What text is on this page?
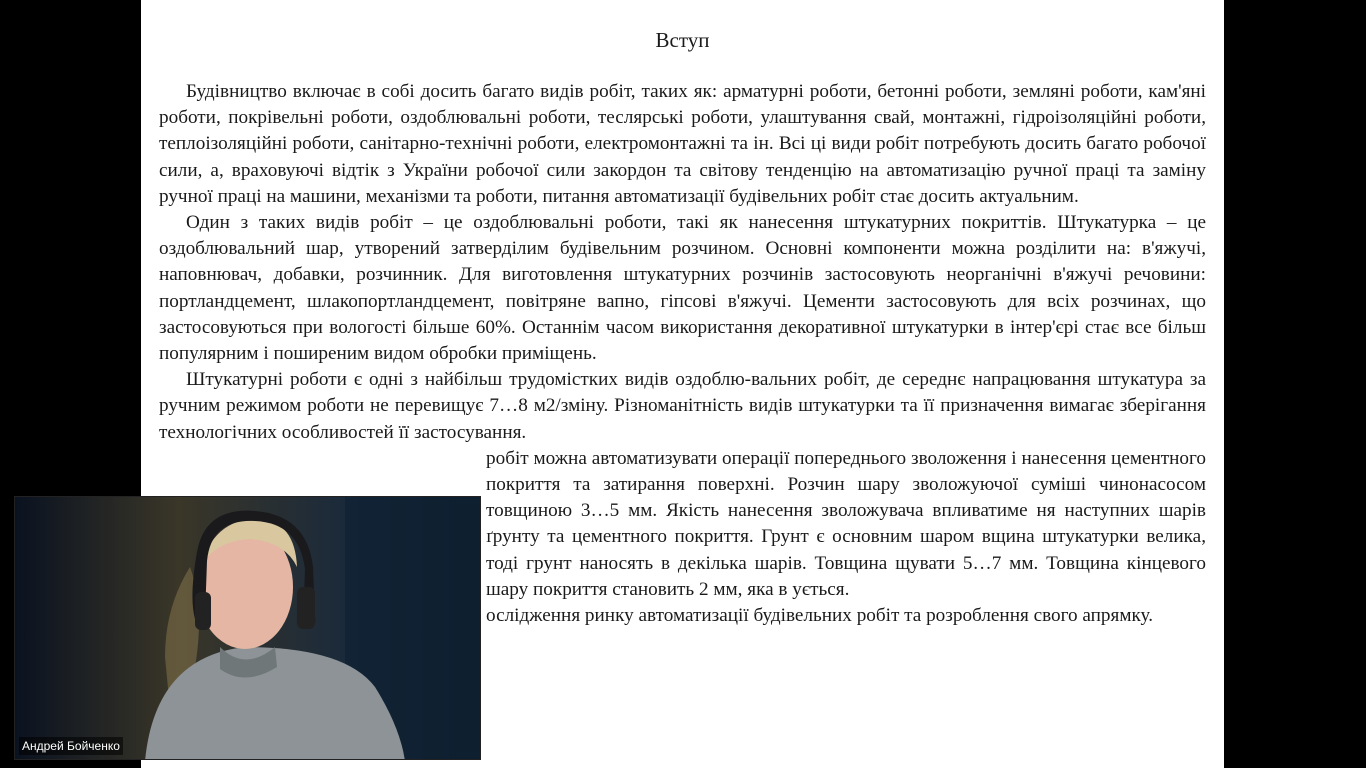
Вступ

Будівництво включає в собі досить багато видів робіт, таких як: арматурні роботи, бетонні роботи, земляні роботи, кам'яні роботи, покрівельні роботи, оздоблювальні роботи, теслярські роботи, улаштування свай, монтажні, гідроізоляційні роботи, теплоізоляційні роботи, санітарно-технічні роботи, електромонтажні та ін. Всі ці види робіт потребують досить багато робочої сили, а, враховуючі відтік з України робочої сили закордон та світову тенденцію на автоматизацію ручної праці та заміну ручної праці на машини, механізми та роботи, питання автоматизації будівельних робіт стає досить актуальним.

Один з таких видів робіт – це оздоблювальні роботи, такі як нанесення штукатурних покриттів. Штукатурка – це оздоблювальний шар, утворений затверділим будівельним розчином. Основні компоненти можна розділити на: в'яжучі, наповнювач, добавки, розчинник. Для виготовлення штукатурних розчинів застосовують неорганічні в'яжучі речовини: портландцемент, шлакопортландцемент, повітряне вапно, гіпсові в'яжучі. Цементи застосовують для всіх розчинах, що застосовуються при вологості більше 60%. Останнім часом використання декоративної штукатурки в інтер'єрі стає все більш популярним і поширеним видом обробки приміщень.

Штукатурні роботи є одні з найбільш трудомістких видів оздоблю-вальних робіт, де середнє напрацювання штукатура за ручним режимом роботи не перевищує 7…8 м2/зміну. Різноманітність видів штукатурки та її призначення вимагає зберігання технологічних особливостей її застосування.

робіт можна автоматизувати операції попереднього зволоження і нанесення цементного покриття та затирання поверхні. Розчин шару зволожуючої суміші чинонасосом товщиною 3…5 мм. Якість нанесення зволожувача впливатиме ня наступних шарів ґрунту та цементного покриття. Грунт є основним шаром вщина штукатурки велика, тоді грунт наносять в декілька шарів. Товщина щувати 5…7 мм. Товщина кінцевого шару покриття становить 2 мм, яка в ується.

ослідження ринку автоматизації будівельних робіт та розроблення свого апрямку.

Андрей Бойченко
